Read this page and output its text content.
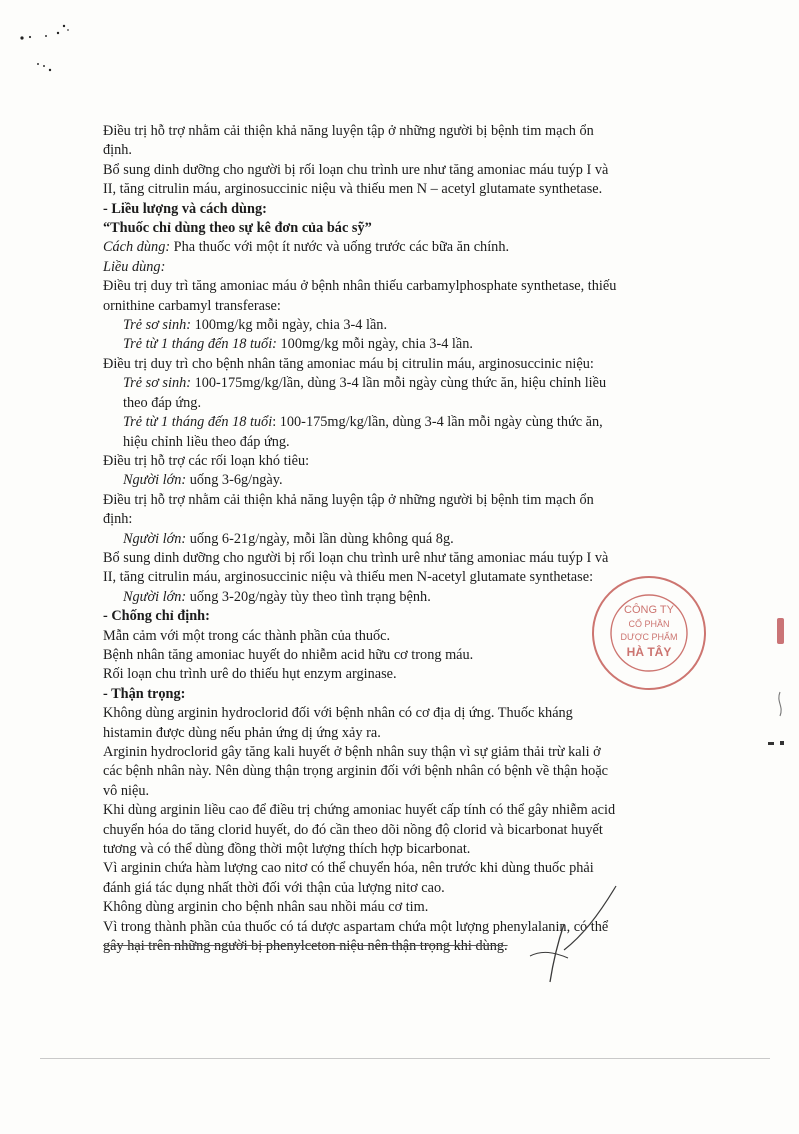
Điều trị hỗ trợ nhằm cải thiện khả năng luyện tập ở những người bị bệnh tim mạch ổn

định.

Bổ sung dinh dưỡng cho người bị rối loạn chu trình ure như tăng amoniac máu tuýp I và

II, tăng citrulin máu, arginosuccinic niệu và thiếu men N – acetyl glutamate synthetase.

- Liều lượng và cách dùng:

“Thuốc chỉ dùng theo sự kê đơn của bác sỹ”

Cách dùng: Pha thuốc với một ít nước và uống trước các bữa ăn chính.

Liều dùng:

Điều trị duy trì tăng amoniac máu ở bệnh nhân thiếu carbamylphosphate synthetase, thiếu

ornithine carbamyl transferase:

Trẻ sơ sinh: 100mg/kg mỗi ngày, chia 3-4 lần.

Trẻ từ 1 tháng đến 18 tuổi: 100mg/kg mỗi ngày, chia 3-4 lần.

Điều trị duy trì cho bệnh nhân tăng amoniac máu bị citrulin máu, arginosuccinic niệu:

Trẻ sơ sinh: 100-175mg/kg/lần, dùng 3-4 lần mỗi ngày cùng thức ăn, hiệu chỉnh liều

theo đáp ứng.

Trẻ từ 1 tháng đến 18 tuổi: 100-175mg/kg/lần, dùng 3-4 lần mỗi ngày cùng thức ăn,

hiệu chỉnh liều theo đáp ứng.

Điều trị hỗ trợ các rối loạn khó tiêu:

Người lớn: uống 3-6g/ngày.

Điều trị hỗ trợ nhằm cải thiện khả năng luyện tập ở những người bị bệnh tim mạch ổn

định:

Người lớn: uống 6-21g/ngày, mỗi lần dùng không quá 8g.

Bổ sung dinh dưỡng cho người bị rối loạn chu trình urê như tăng amoniac máu tuýp I và

II, tăng citrulin máu, arginosuccinic niệu và thiếu men N-acetyl glutamate synthetase:

Người lớn: uống 3-20g/ngày tùy theo tình trạng bệnh.

- Chống chỉ định:

Mẫn cảm với một trong các thành phần của thuốc.

Bệnh nhân tăng amoniac huyết do nhiễm acid hữu cơ trong máu.

Rối loạn chu trình urê do thiếu hụt enzym arginase.

- Thận trọng:

Không dùng arginin hydroclorid đối với bệnh nhân có cơ địa dị ứng. Thuốc kháng

histamin được dùng nếu phản ứng dị ứng xảy ra.

Arginin hydroclorid gây tăng kali huyết ở bệnh nhân suy thận vì sự giảm thải trừ kali ở

các bệnh nhân này. Nên dùng thận trọng arginin đối với bệnh nhân có bệnh về thận hoặc

vô niệu.

Khi dùng arginin liều cao để điều trị chứng amoniac huyết cấp tính có thể gây nhiễm acid

chuyển hóa do tăng clorid huyết, do đó cần theo dõi nồng độ clorid và bicarbonat huyết

tương và có thể dùng đồng thời một lượng thích hợp bicarbonat.

Vì arginin chứa hàm lượng cao nitơ có thể chuyển hóa, nên trước khi dùng thuốc phải

đánh giá tác dụng nhất thời đối với thận của lượng nitơ cao.

Không dùng arginin cho bệnh nhân sau nhồi máu cơ tim.

Vì trong thành phần của thuốc có tá dược aspartam chứa một lượng phenylalanin, có thể

gây hại trên những người bị phenylceton niệu nên thận trọng khi dùng.

CÔNG TY
CỔ PHẦN
DƯỢC PHẨM
HÀ TÂY
